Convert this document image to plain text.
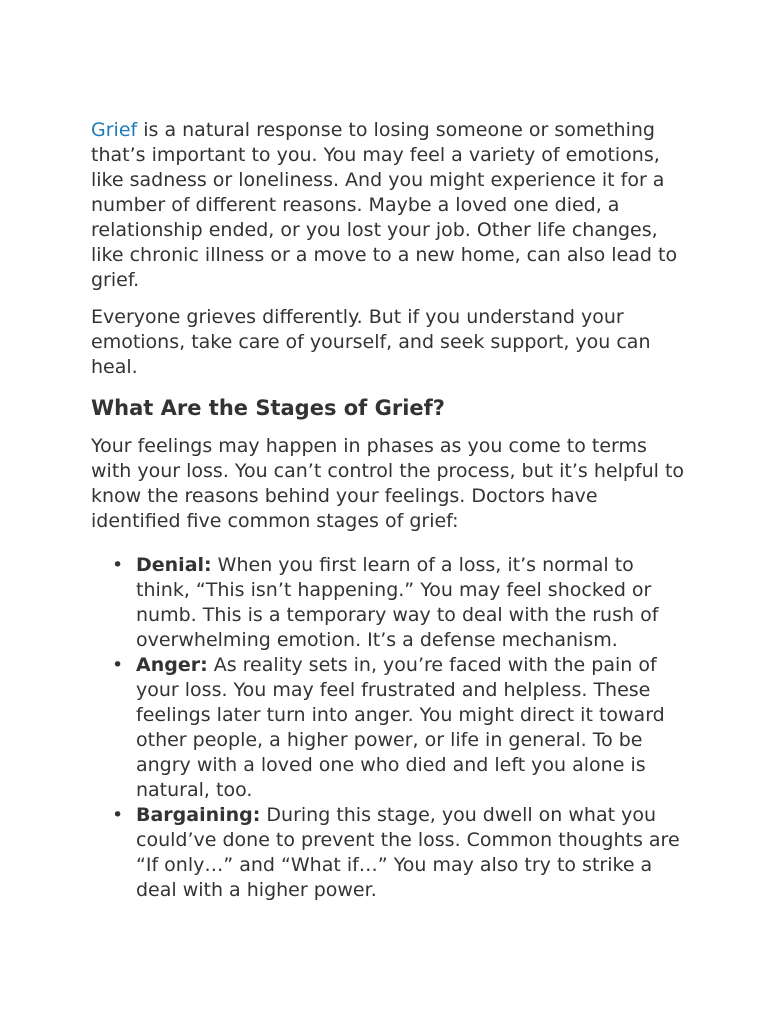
Grief is a natural response to losing someone or something that’s important to you. You may feel a variety of emotions, like sadness or loneliness. And you might experience it for a number of different reasons. Maybe a loved one died, a relationship ended, or you lost your job. Other life changes, like chronic illness or a move to a new home, can also lead to grief.

Everyone grieves differently. But if you understand your emotions, take care of yourself, and seek support, you can heal.

What Are the Stages of Grief?

Your feelings may happen in phases as you come to terms with your loss. You can’t control the process, but it’s helpful to know the reasons behind your feelings. Doctors have identified five common stages of grief:

• Denial: When you first learn of a loss, it’s normal to think, “This isn’t happening.” You may feel shocked or numb. This is a temporary way to deal with the rush of overwhelming emotion. It’s a defense mechanism.
• Anger: As reality sets in, you’re faced with the pain of your loss. You may feel frustrated and helpless. These feelings later turn into anger. You might direct it toward other people, a higher power, or life in general. To be angry with a loved one who died and left you alone is natural, too.
• Bargaining: During this stage, you dwell on what you could’ve done to prevent the loss. Common thoughts are “If only…” and “What if…” You may also try to strike a deal with a higher power.
